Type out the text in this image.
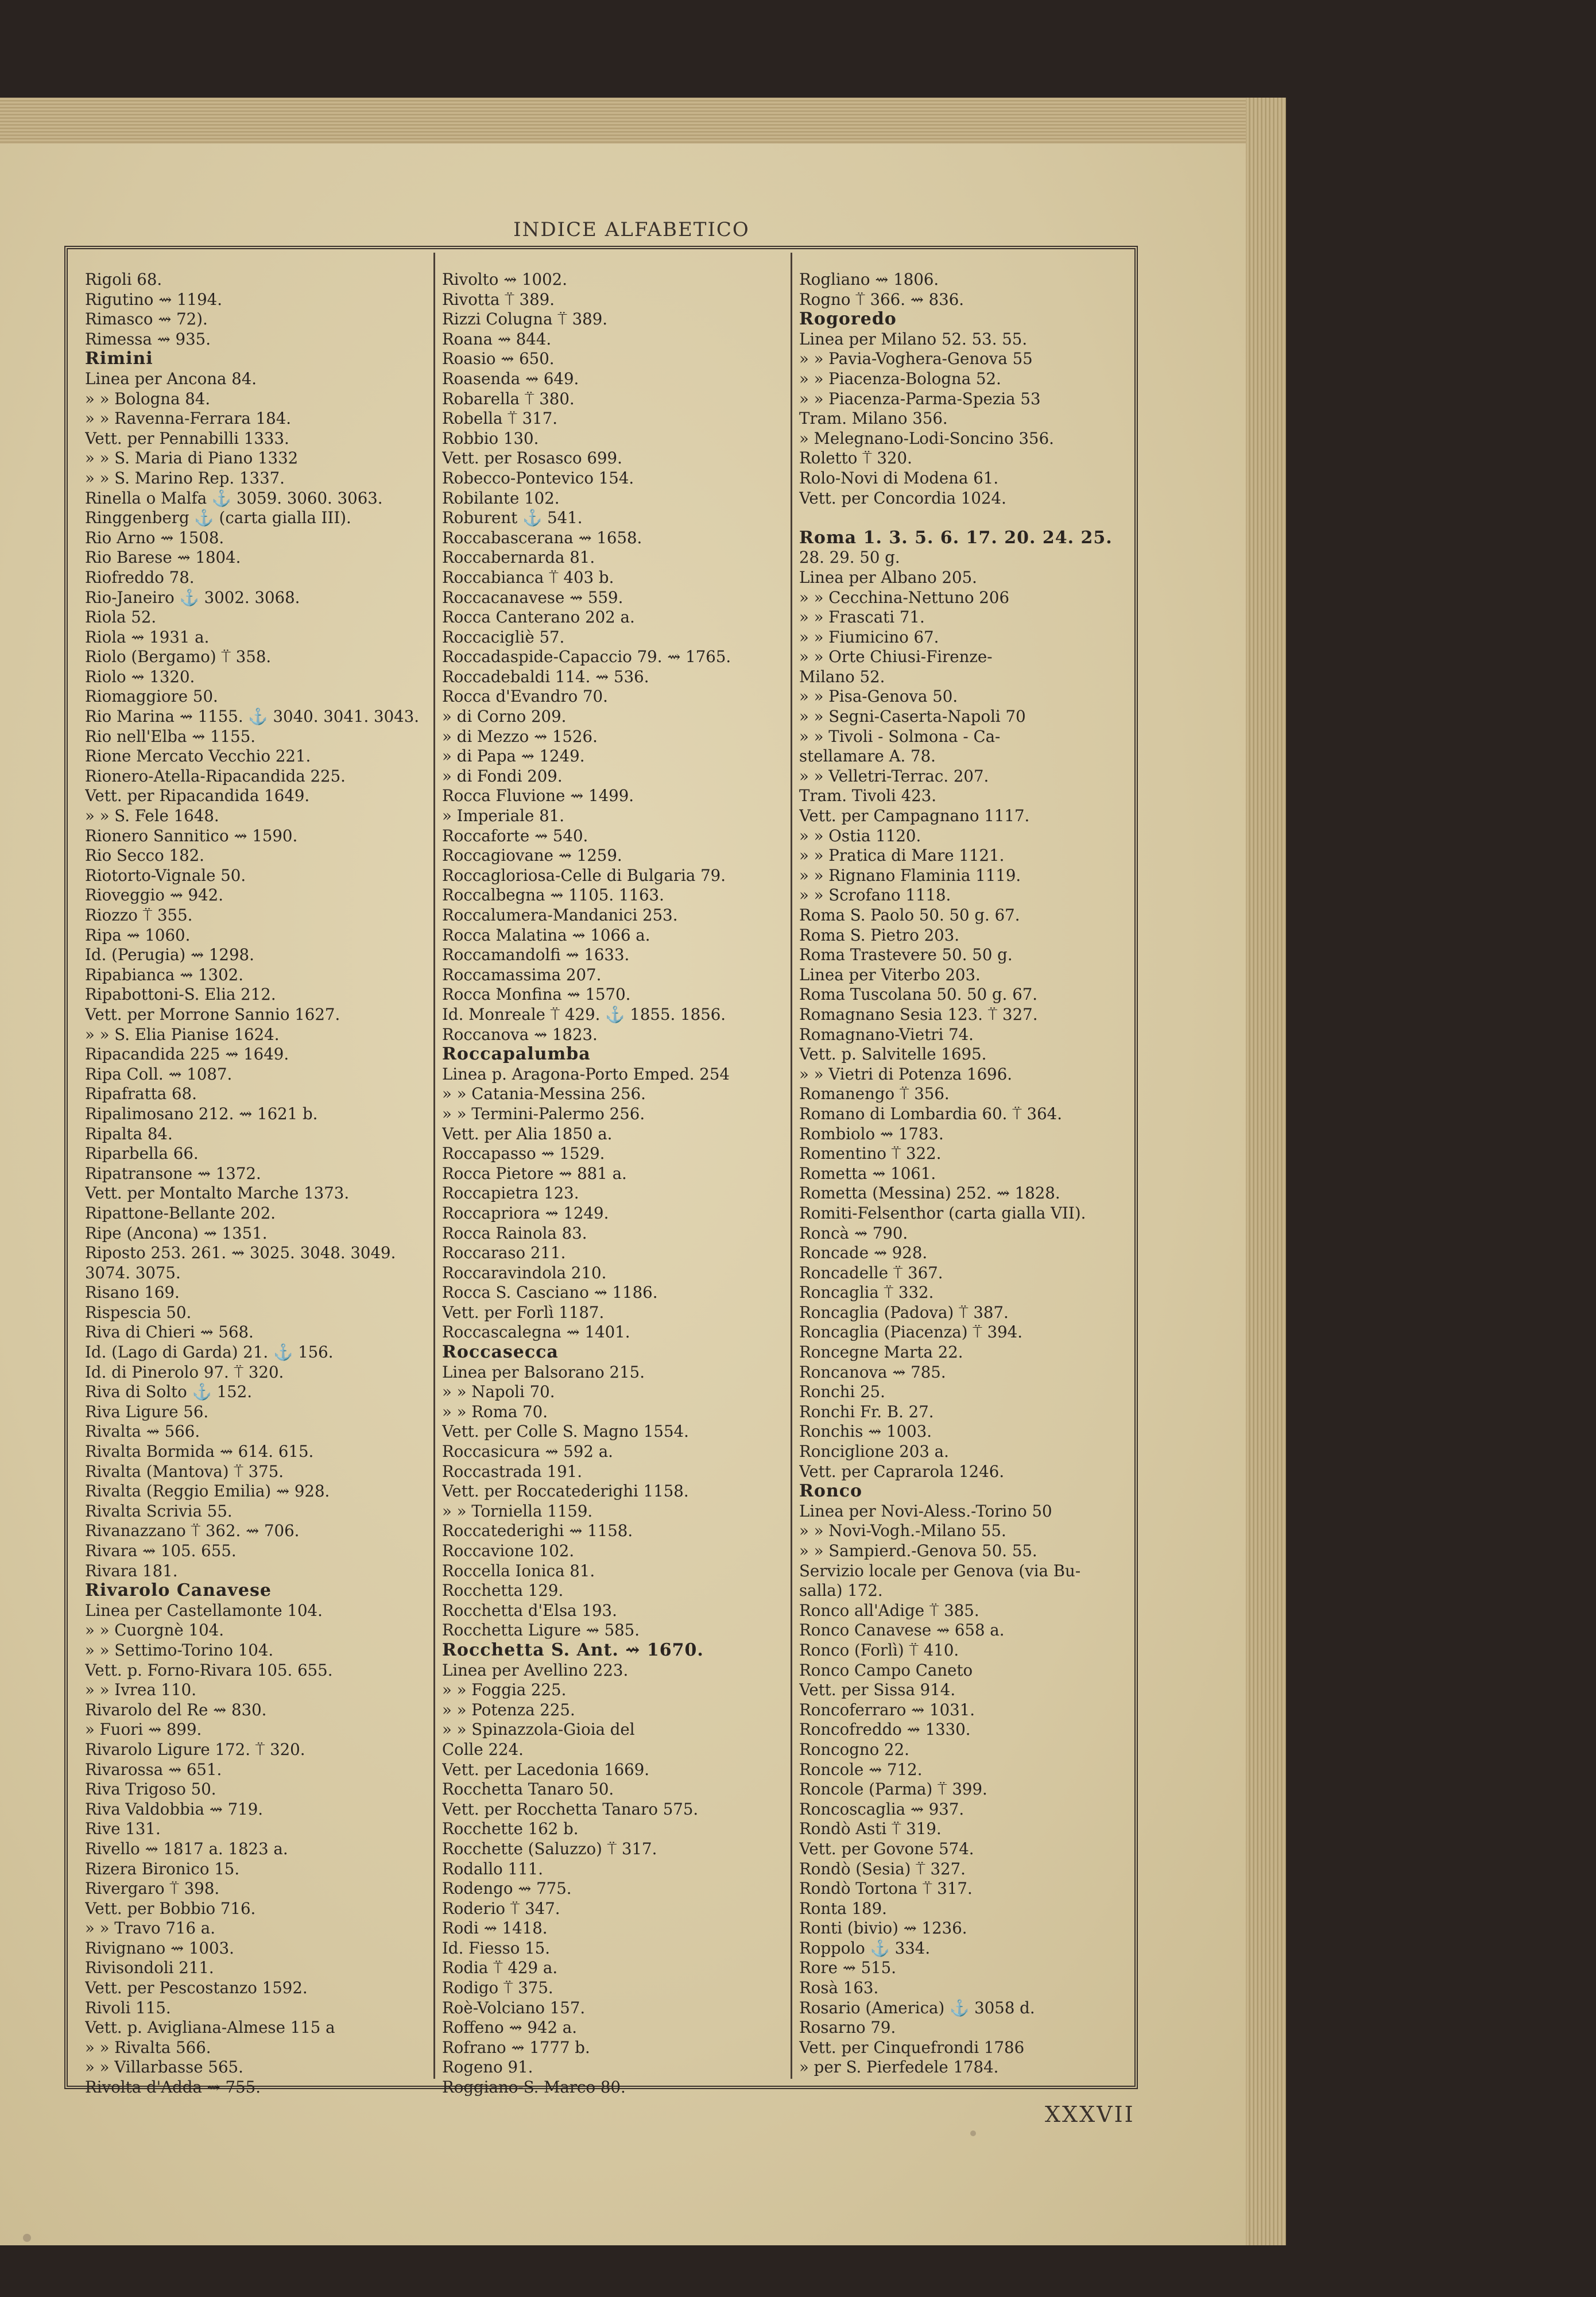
INDICE ALFABETICO
Rigoli 68.
Rigutino ⇝ 1194.
Rimasco ⇝ 72).
Rimessa ⇝ 935.
Rimini
Linea per Ancona 84.
» » Bologna 84.
» » Ravenna-Ferrara 184.
Vett. per Pennabilli 1333.
» » S. Maria di Piano 1332
» » S. Marino Rep. 1337.
Rinella o Malfa ⚓ 3059. 3060. 3063.
Ringgenberg ⚓ (carta gialla III).
Rio Arno ⇝ 1508.
Rio Barese ⇝ 1804.
Riofreddo 78.
Rio-Janeiro ⚓ 3002. 3068.
Riola 52.
Riola ⇝ 1931 a.
Riolo (Bergamo) ⍡ 358.
Riolo ⇝ 1320.
Riomaggiore 50.
Rio Marina ⇝ 1155. ⚓ 3040. 3041. 3043.
Rio nell'Elba ⇝ 1155.
Rione Mercato Vecchio 221.
Rionero-Atella-Ripacandida 225.
Vett. per Ripacandida 1649.
» » S. Fele 1648.
Rionero Sannitico ⇝ 1590.
Rio Secco 182.
Riotorto-Vignale 50.
Rioveggio ⇝ 942.
Riozzo ⍡ 355.
Ripa ⇝ 1060.
Id. (Perugia) ⇝ 1298.
Ripabianca ⇝ 1302.
Ripabottoni-S. Elia 212.
Vett. per Morrone Sannio 1627.
» » S. Elia Pianise 1624.
Ripacandida 225 ⇝ 1649.
Ripa Coll. ⇝ 1087.
Ripafratta 68.
Ripalimosano 212. ⇝ 1621 b.
Ripalta 84.
Riparbella 66.
Ripatransone ⇝ 1372.
Vett. per Montalto Marche 1373.
Ripattone-Bellante 202.
Ripe (Ancona) ⇝ 1351.
Riposto 253. 261. ⇝ 3025. 3048. 3049.
3074. 3075.
Risano 169.
Rispescia 50.
Riva di Chieri ⇝ 568.
Id. (Lago di Garda) 21. ⚓ 156.
Id. di Pinerolo 97. ⍡ 320.
Riva di Solto ⚓ 152.
Riva Ligure 56.
Rivalta ⇝ 566.
Rivalta Bormida ⇝ 614. 615.
Rivalta (Mantova) ⍡ 375.
Rivalta (Reggio Emilia) ⇝ 928.
Rivalta Scrivia 55.
Rivanazzano ⍡ 362. ⇝ 706.
Rivara ⇝ 105. 655.
Rivara 181.
Rivarolo Canavese
Linea per Castellamonte 104.
» » Cuorgnè 104.
» » Settimo-Torino 104.
Vett. p. Forno-Rivara 105. 655.
» » Ivrea 110.
Rivarolo del Re ⇝ 830.
» Fuori ⇝ 899.
Rivarolo Ligure 172. ⍡ 320.
Rivarossa ⇝ 651.
Riva Trigoso 50.
Riva Valdobbia ⇝ 719.
Rive 131.
Rivello ⇝ 1817 a. 1823 a.
Rizera Bironico 15.
Rivergaro ⍡ 398.
Vett. per Bobbio 716.
» » Travo 716 a.
Rivignano ⇝ 1003.
Rivisondoli 211.
Vett. per Pescostanzo 1592.
Rivoli 115.
Vett. p. Avigliana-Almese 115 a
» » Rivalta 566.
» » Villarbasse 565.
Rivolta d'Adda ⇝ 755.
Rivolto ⇝ 1002.
Rivotta ⍡ 389.
Rizzi Colugna ⍡ 389.
Roana ⇝ 844.
Roasio ⇝ 650.
Roasenda ⇝ 649.
Robarella ⍡ 380.
Robella ⍡ 317.
Robbio 130.
Vett. per Rosasco 699.
Robecco-Pontevico 154.
Robilante 102.
Roburent ⚓ 541.
Roccabascerana ⇝ 1658.
Roccabernarda 81.
Roccabianca ⍡ 403 b.
Roccacanavese ⇝ 559.
Rocca Canterano 202 a.
Roccacigliè 57.
Roccadaspide-Capaccio 79. ⇝ 1765.
Roccadebaldi 114. ⇝ 536.
Rocca d'Evandro 70.
» di Corno 209.
» di Mezzo ⇝ 1526.
» di Papa ⇝ 1249.
» di Fondi 209.
Rocca Fluvione ⇝ 1499.
» Imperiale 81.
Roccaforte ⇝ 540.
Roccagiovane ⇝ 1259.
Roccagloriosa-Celle di Bulgaria 79.
Roccalbegna ⇝ 1105. 1163.
Roccalumera-Mandanici 253.
Rocca Malatina ⇝ 1066 a.
Roccamandolfi ⇝ 1633.
Roccamassima 207.
Rocca Monfina ⇝ 1570.
Id. Monreale ⍡ 429. ⚓ 1855. 1856.
Roccanova ⇝ 1823.
Roccapalumba
Linea p. Aragona-Porto Emped. 254
» » Catania-Messina 256.
» » Termini-Palermo 256.
Vett. per Alia 1850 a.
Roccapasso ⇝ 1529.
Rocca Pietore ⇝ 881 a.
Roccapietra 123.
Roccapriora ⇝ 1249.
Rocca Rainola 83.
Roccaraso 211.
Roccaravindola 210.
Rocca S. Casciano ⇝ 1186.
Vett. per Forlì 1187.
Roccascalegna ⇝ 1401.
Roccasecca
Linea per Balsorano 215.
» » Napoli 70.
» » Roma 70.
Vett. per Colle S. Magno 1554.
Roccasicura ⇝ 592 a.
Roccastrada 191.
Vett. per Roccatederighi 1158.
» » Torniella 1159.
Roccatederighi ⇝ 1158.
Roccavione 102.
Roccella Ionica 81.
Rocchetta 129.
Rocchetta d'Elsa 193.
Rocchetta Ligure ⇝ 585.
Rocchetta S. Ant. ⇝ 1670.
Linea per Avellino 223.
» » Foggia 225.
» » Potenza 225.
» » Spinazzola-Gioia del
Colle 224.
Vett. per Lacedonia 1669.
Rocchetta Tanaro 50.
Vett. per Rocchetta Tanaro 575.
Rocchette 162 b.
Rocchette (Saluzzo) ⍡ 317.
Rodallo 111.
Rodengo ⇝ 775.
Roderio ⍡ 347.
Rodi ⇝ 1418.
Id. Fiesso 15.
Rodia ⍡ 429 a.
Rodigo ⍡ 375.
Roè-Volciano 157.
Roffeno ⇝ 942 a.
Rofrano ⇝ 1777 b.
Rogeno 91.
Roggiano-S. Marco 80.
Rogliano ⇝ 1806.
Rogno ⍡ 366. ⇝ 836.
Rogoredo
Linea per Milano 52. 53. 55.
» » Pavia-Voghera-Genova 55
» » Piacenza-Bologna 52.
» » Piacenza-Parma-Spezia 53
Tram. Milano 356.
» Melegnano-Lodi-Soncino 356.
Roletto ⍡ 320.
Rolo-Novi di Modena 61.
Vett. per Concordia 1024.
Roma 1. 3. 5. 6. 17. 20. 24. 25.
28. 29. 50 g.
Linea per Albano 205.
» » Cecchina-Nettuno 206
» » Frascati 71.
» » Fiumicino 67.
» » Orte Chiusi-Firenze-
Milano 52.
» » Pisa-Genova 50.
» » Segni-Caserta-Napoli 70
» » Tivoli - Solmona - Ca-
stellamare A. 78.
» » Velletri-Terrac. 207.
Tram. Tivoli 423.
Vett. per Campagnano 1117.
» » Ostia 1120.
» » Pratica di Mare 1121.
» » Rignano Flaminia 1119.
» » Scrofano 1118.
Roma S. Paolo 50. 50 g. 67.
Roma S. Pietro 203.
Roma Trastevere 50. 50 g.
Linea per Viterbo 203.
Roma Tuscolana 50. 50 g. 67.
Romagnano Sesia 123. ⍡ 327.
Romagnano-Vietri 74.
Vett. p. Salvitelle 1695.
» » Vietri di Potenza 1696.
Romanengo ⍡ 356.
Romano di Lombardia 60. ⍡ 364.
Rombiolo ⇝ 1783.
Romentino ⍡ 322.
Rometta ⇝ 1061.
Rometta (Messina) 252. ⇝ 1828.
Romiti-Felsenthor (carta gialla VII).
Roncà ⇝ 790.
Roncade ⇝ 928.
Roncadelle ⍡ 367.
Roncaglia ⍡ 332.
Roncaglia (Padova) ⍡ 387.
Roncaglia (Piacenza) ⍡ 394.
Roncegne Marta 22.
Roncanova ⇝ 785.
Ronchi 25.
Ronchi Fr. B. 27.
Ronchis ⇝ 1003.
Ronciglione 203 a.
Vett. per Caprarola 1246.
Ronco
Linea per Novi-Aless.-Torino 50
» » Novi-Vogh.-Milano 55.
» » Sampierd.-Genova 50. 55.
Servizio locale per Genova (via Bu-
salla) 172.
Ronco all'Adige ⍡ 385.
Ronco Canavese ⇝ 658 a.
Ronco (Forlì) ⍡ 410.
Ronco Campo Caneto
Vett. per Sissa 914.
Roncoferraro ⇝ 1031.
Roncofreddo ⇝ 1330.
Roncogno 22.
Roncole ⇝ 712.
Roncole (Parma) ⍡ 399.
Roncoscaglia ⇝ 937.
Rondò Asti ⍡ 319.
Vett. per Govone 574.
Rondò (Sesia) ⍡ 327.
Rondò Tortona ⍡ 317.
Ronta 189.
Ronti (bivio) ⇝ 1236.
Roppolo ⚓ 334.
Rore ⇝ 515.
Rosà 163.
Rosario (America) ⚓ 3058 d.
Rosarno 79.
Vett. per Cinquefrondi 1786
» per S. Pierfedele 1784.
XXXVII
